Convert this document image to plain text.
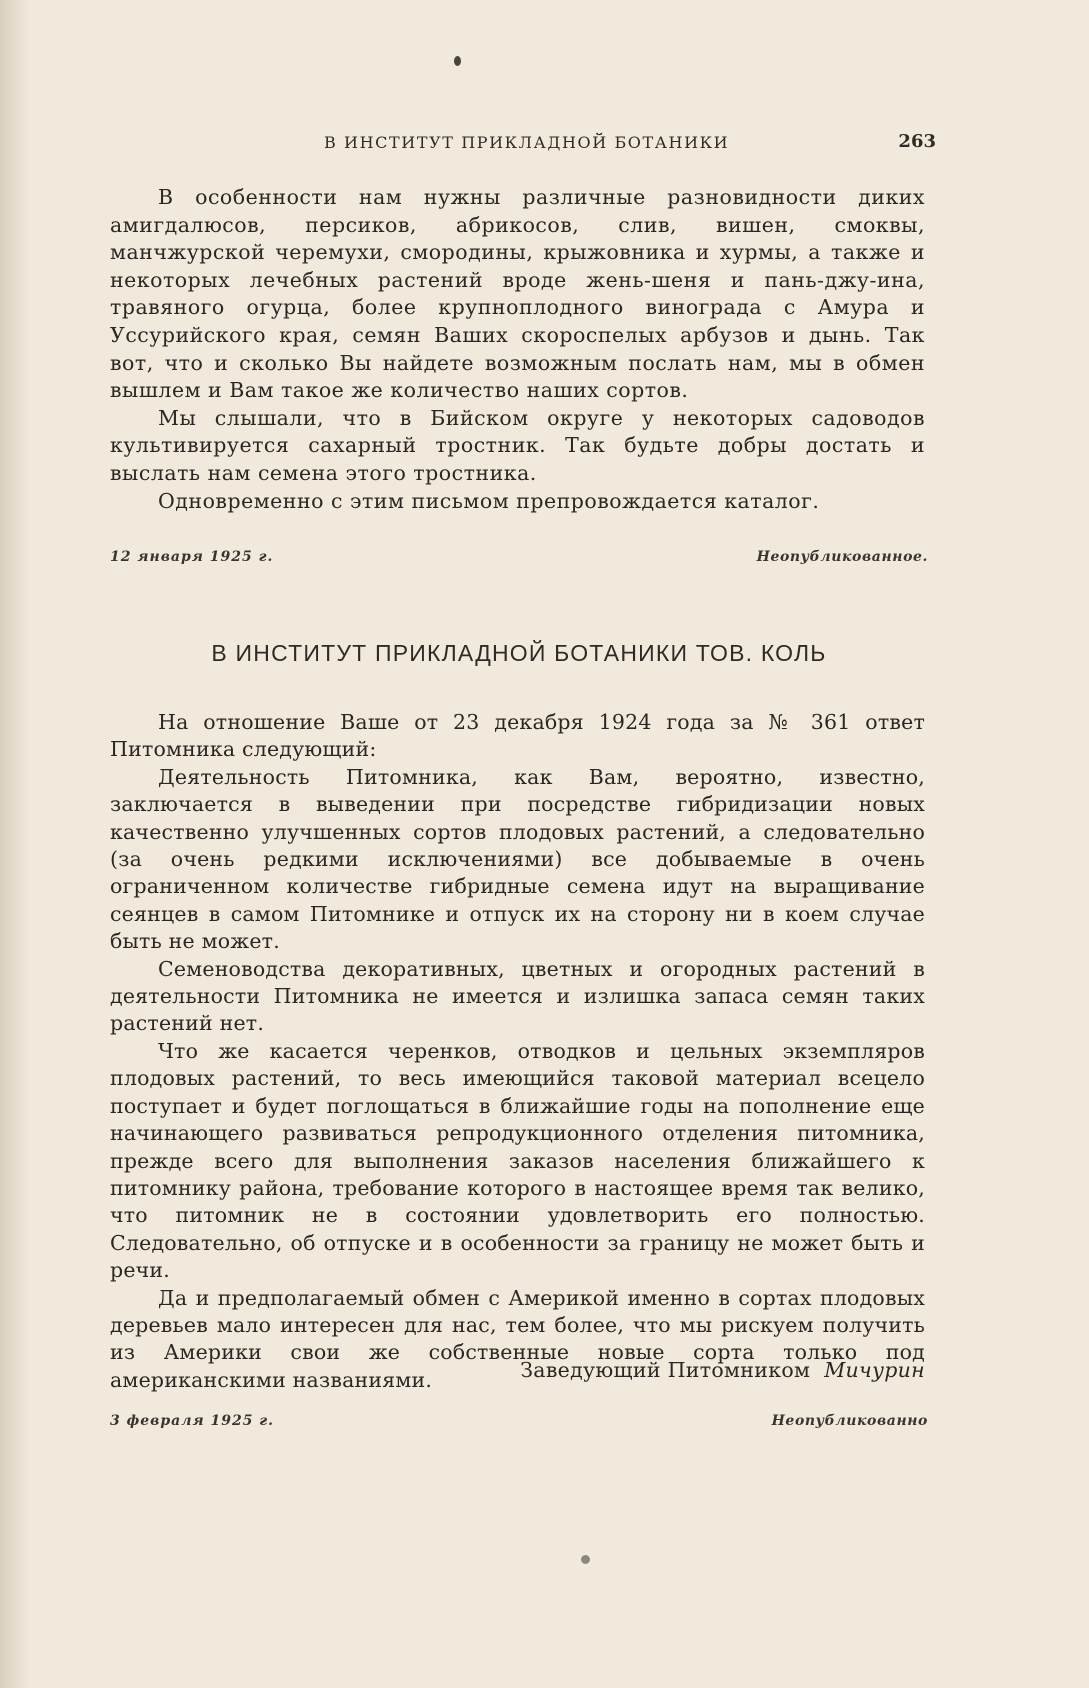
В ИНСТИТУТ ПРИКЛАДНОЙ БОТАНИКИ	263

В особенности нам нужны различные разновидности диких амигдалюсов, персиков, абрикосов, слив, вишен, смоквы, манчжурской черемухи, смородины, крыжовника и хурмы, а также и некоторых лечебных растений вроде жень-шеня и пань-джу-ина, травяного огурца, более крупноплодного винограда с Амура и Уссурийского края, семян Ваших скороспелых арбузов и дынь. Так вот, что и сколько Вы найдете возможным послать нам, мы в обмен вышлем и Вам такое же количество наших сортов.

Мы слышали, что в Бийском округе у некоторых садоводов культивируется сахарный тростник. Так будьте добры достать и выслать нам семена этого тростника.

Одновременно с этим письмом препровождается каталог.

12 января 1925 г.	Неопубликованное.
В ИНСТИТУТ ПРИКЛАДНОЙ БОТАНИКИ ТОВ. КОЛЬ

На отношение Ваше от 23 декабря 1924 года за № 361 ответ Питомника следующий:

Деятельность Питомника, как Вам, вероятно, известно, заключается в выведении при посредстве гибридизации новых качественно улучшенных сортов плодовых растений, а следовательно (за очень редкими исключениями) все добываемые в очень ограниченном количестве гибридные семена идут на выращивание сеянцев в самом Питомнике и отпуск их на сторону ни в коем случае быть не может.

Семеноводства декоративных, цветных и огородных растений в деятельности Питомника не имеется и излишка запаса семян таких растений нет.

Что же касается черенков, отводков и цельных экземпляров плодовых растений, то весь имеющийся таковой материал всецело поступает и будет поглощаться в ближайшие годы на пополнение еще начинающего развиваться репродукционного отделения питомника, прежде всего для выполнения заказов населения ближайшего к питомнику района, требование которого в настоящее время так велико, что питомник не в состоянии удовлетворить его полностью. Следовательно, об отпуске и в особенности за границу не может быть и речи.

Да и предполагаемый обмен с Америкой именно в сортах плодовых деревьев мало интересен для нас, тем более, что мы рискуем получить из Америки свои же собственные новые сорта только под американскими названиями.	Заведующий Питомником Мичурин
3 февраля 1925 г.	Неопубликованно
